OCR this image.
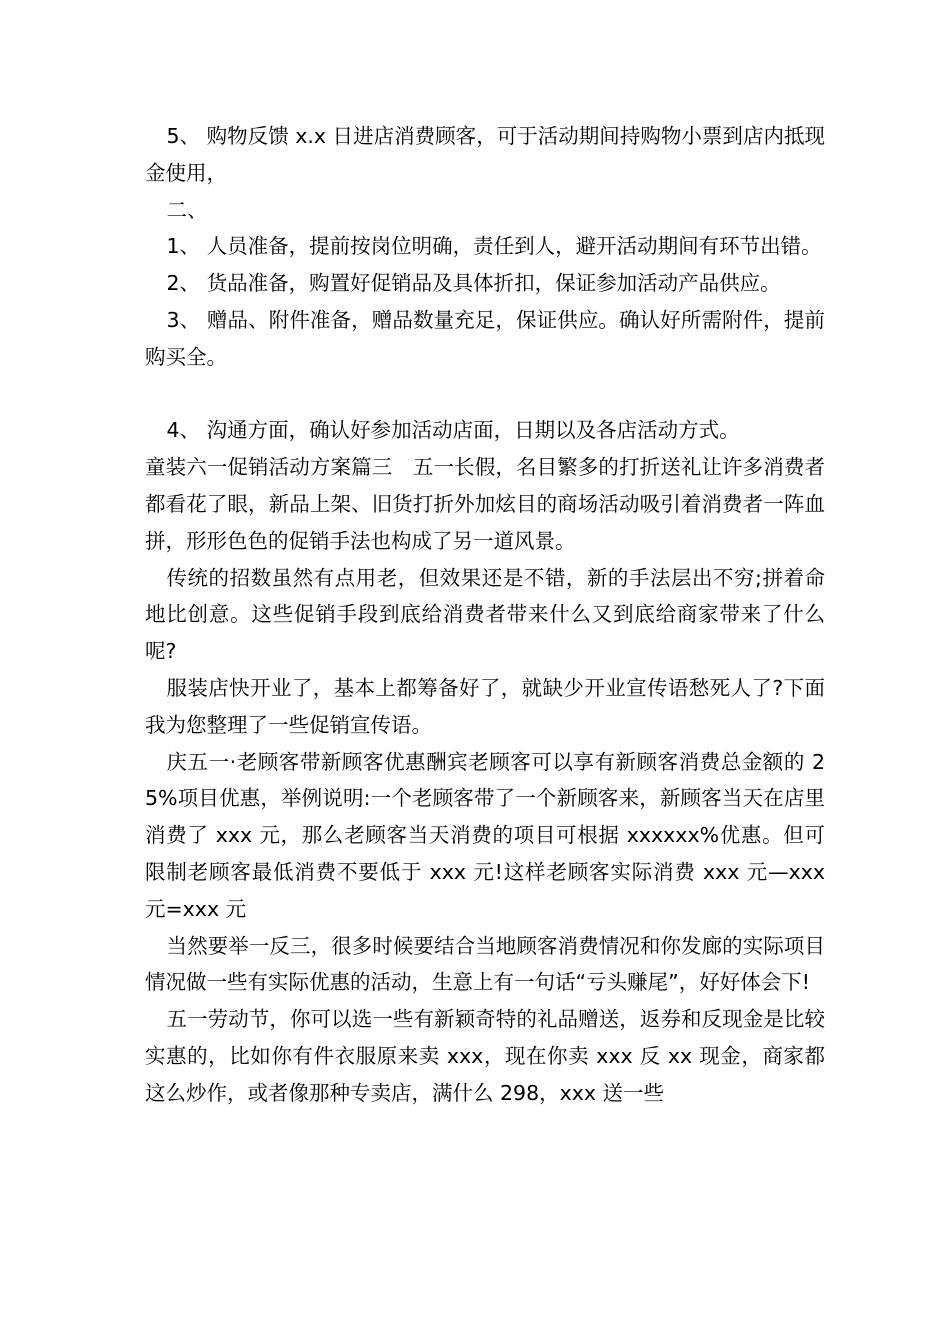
5、 购物反馈 x.x 日进店消费顾客，可于活动期间持购物小票到店内抵现金使用，

二、

1、 人员准备，提前按岗位明确，责任到人，避开活动期间有环节出错。

2、 货品准备，购置好促销品及具体折扣，保证参加活动产品供应。

3、 赠品、附件准备，赠品数量充足，保证供应。确认好所需附件，提前购买全。

4、 沟通方面，确认好参加活动店面，日期以及各店活动方式。

童装六一促销活动方案篇三　五一长假，名目繁多的打折送礼让许多消费者都看花了眼，新品上架、旧货打折外加炫目的商场活动吸引着消费者一阵血拼，形形色色的促销手法也构成了另一道风景。

传统的招数虽然有点用老，但效果还是不错，新的手法层出不穷;拼着命地比创意。这些促销手段到底给消费者带来什么又到底给商家带来了什么呢?

服装店快开业了，基本上都筹备好了，就缺少开业宣传语愁死人了?下面我为您整理了一些促销宣传语。

庆五一·老顾客带新顾客优惠酬宾老顾客可以享有新顾客消费总金额的 25%项目优惠，举例说明:一个老顾客带了一个新顾客来，新顾客当天在店里消费了 xxx 元，那么老顾客当天消费的项目可根据 xxxxxx%优惠。但可限制老顾客最低消费不要低于 xxx 元!这样老顾客实际消费 xxx 元—xxx 元=xxx 元

当然要举一反三，很多时候要结合当地顾客消费情况和你发廊的实际项目情况做一些有实际优惠的活动，生意上有一句话“亏头赚尾”，好好体会下!

五一劳动节，你可以选一些有新颖奇特的礼品赠送，返券和反现金是比较实惠的，比如你有件衣服原来卖 xxx，现在你卖 xxx 反 xx 现金，商家都这么炒作，或者像那种专卖店，满什么 298，xxx 送一些
